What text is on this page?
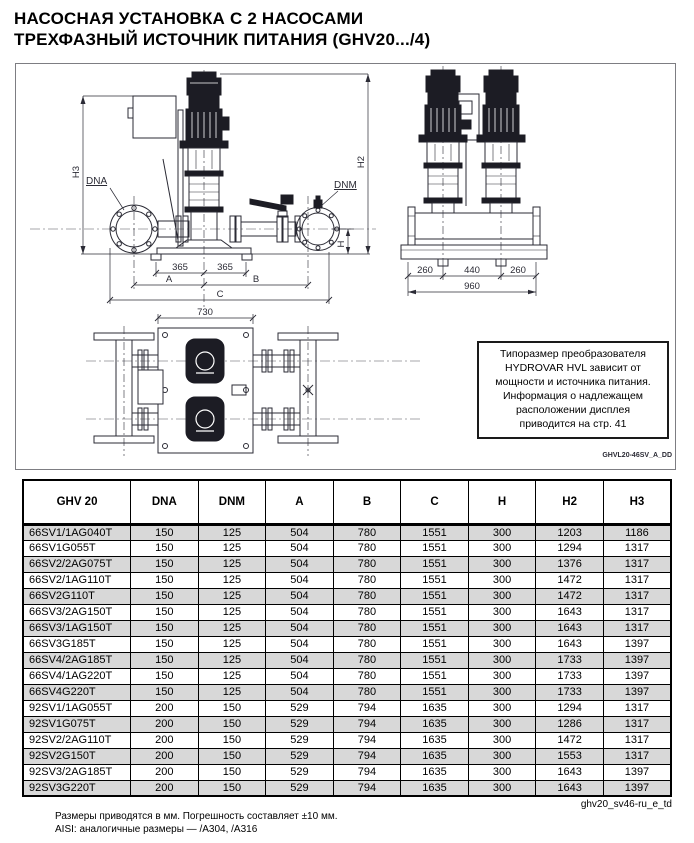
НАСОСНАЯ УСТАНОВКА С 2 НАСОСАМИ
ТРЕХФАЗНЫЙ ИСТОЧНИК ПИТАНИЯ (GHV20.../4)
H3
H2
H
365	365
A	B
C
DNA	DNM
260	440	260
960
730
Типоразмер преобразователя
HYDROVAR HVL зависит от
мощности и источника питания.
Информация о надлежащем
расположении дисплея
приводится на стр. 41
GHVL20-46SV_A_DD
GHV 20	DNA	DNM	A	B	C	H	H2	H3
66SV1/1AG040T	150	125	504	780	1551	300	1203	1186
66SV1G055T	150	125	504	780	1551	300	1294	1317
66SV2/2AG075T	150	125	504	780	1551	300	1376	1317
66SV2/1AG110T	150	125	504	780	1551	300	1472	1317
66SV2G110T	150	125	504	780	1551	300	1472	1317
66SV3/2AG150T	150	125	504	780	1551	300	1643	1317
66SV3/1AG150T	150	125	504	780	1551	300	1643	1317
66SV3G185T	150	125	504	780	1551	300	1643	1397
66SV4/2AG185T	150	125	504	780	1551	300	1733	1397
66SV4/1AG220T	150	125	504	780	1551	300	1733	1397
66SV4G220T	150	125	504	780	1551	300	1733	1397
92SV1/1AG055T	200	150	529	794	1635	300	1294	1317
92SV1G075T	200	150	529	794	1635	300	1286	1317
92SV2/2AG110T	200	150	529	794	1635	300	1472	1317
92SV2G150T	200	150	529	794	1635	300	1553	1317
92SV3/2AG185T	200	150	529	794	1635	300	1643	1397
92SV3G220T	200	150	529	794	1635	300	1643	1397
Размеры приводятся в мм. Погрешность составляет ±10 мм.
AISI: аналогичные размеры — /A304, /A316
ghv20_sv46-ru_e_td
